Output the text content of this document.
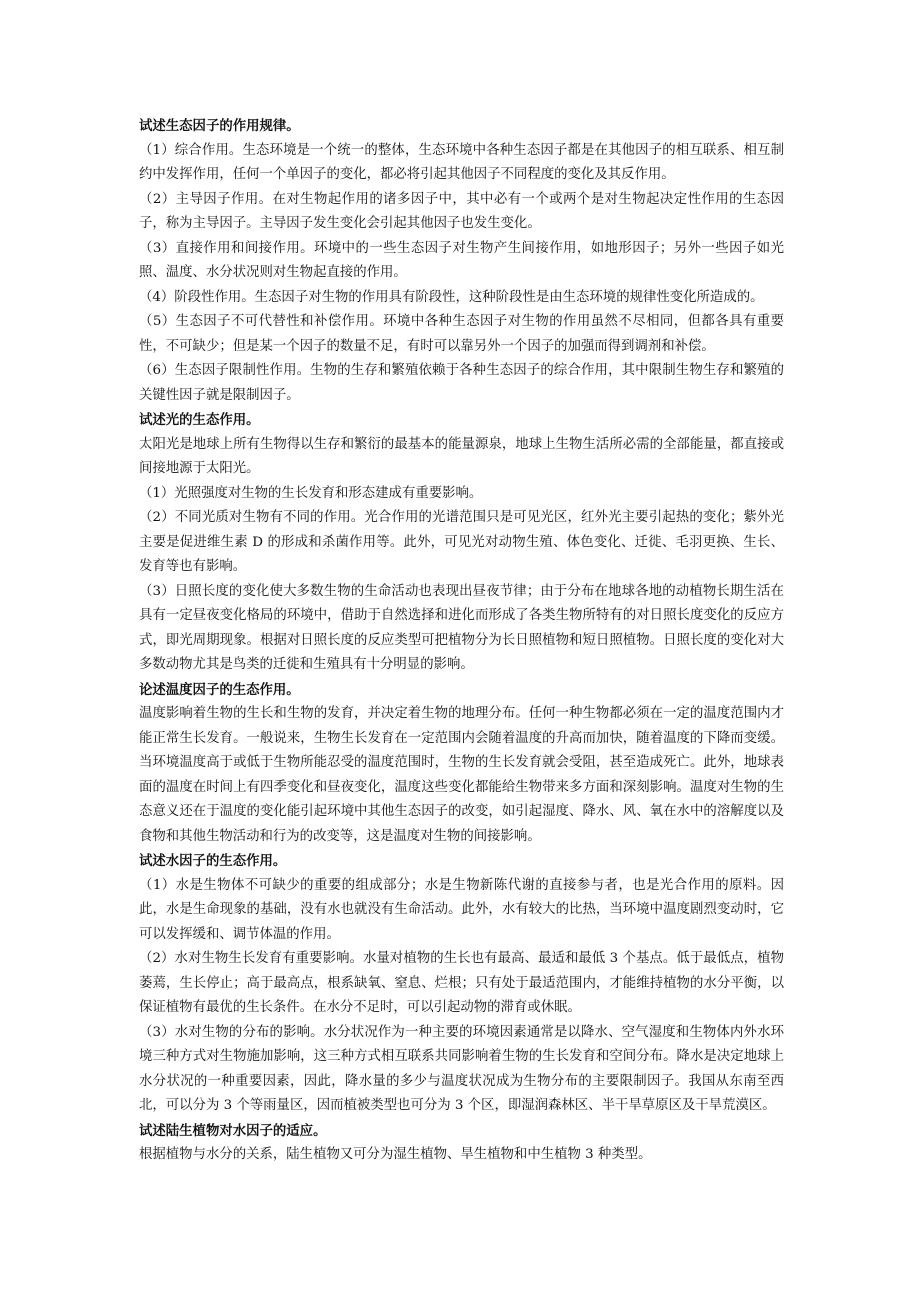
试述生态因子的作用规律。

（1）综合作用。生态环境是一个统一的整体，生态环境中各种生态因子都是在其他因子的相互联系、相互制约中发挥作用，任何一个单因子的变化，都必将引起其他因子不同程度的变化及其反作用。

（2）主导因子作用。在对生物起作用的诸多因子中，其中必有一个或两个是对生物起决定性作用的生态因子，称为主导因子。主导因子发生变化会引起其他因子也发生变化。

（3）直接作用和间接作用。环境中的一些生态因子对生物产生间接作用，如地形因子；另外一些因子如光照、温度、水分状况则对生物起直接的作用。

（4）阶段性作用。生态因子对生物的作用具有阶段性，这种阶段性是由生态环境的规律性变化所造成的。

（5）生态因子不可代替性和补偿作用。环境中各种生态因子对生物的作用虽然不尽相同，但都各具有重要性，不可缺少；但是某一个因子的数量不足，有时可以靠另外一个因子的加强而得到调剂和补偿。

（6）生态因子限制性作用。生物的生存和繁殖依赖于各种生态因子的综合作用，其中限制生物生存和繁殖的关键性因子就是限制因子。

试述光的生态作用。

太阳光是地球上所有生物得以生存和繁衍的最基本的能量源泉，地球上生物生活所必需的全部能量，都直接或间接地源于太阳光。

（1）光照强度对生物的生长发育和形态建成有重要影响。

（2）不同光质对生物有不同的作用。光合作用的光谱范围只是可见光区，红外光主要引起热的变化；紫外光主要是促进维生素 D 的形成和杀菌作用等。此外，可见光对动物生殖、体色变化、迁徙、毛羽更换、生长、发育等也有影响。

（3）日照长度的变化使大多数生物的生命活动也表现出昼夜节律；由于分布在地球各地的动植物长期生活在具有一定昼夜变化格局的环境中，借助于自然选择和进化而形成了各类生物所特有的对日照长度变化的反应方式，即光周期现象。根据对日照长度的反应类型可把植物分为长日照植物和短日照植物。日照长度的变化对大多数动物尤其是鸟类的迁徙和生殖具有十分明显的影响。

论述温度因子的生态作用。

温度影响着生物的生长和生物的发育，并决定着生物的地理分布。任何一种生物都必须在一定的温度范围内才能正常生长发育。一般说来，生物生长发育在一定范围内会随着温度的升高而加快，随着温度的下降而变缓。当环境温度高于或低于生物所能忍受的温度范围时，生物的生长发育就会受阻，甚至造成死亡。此外，地球表面的温度在时间上有四季变化和昼夜变化，温度这些变化都能给生物带来多方面和深刻影响。温度对生物的生态意义还在于温度的变化能引起环境中其他生态因子的改变，如引起湿度、降水、风、氧在水中的溶解度以及食物和其他生物活动和行为的改变等，这是温度对生物的间接影响。

试述水因子的生态作用。

（1）水是生物体不可缺少的重要的组成部分；水是生物新陈代谢的直接参与者，也是光合作用的原料。因此，水是生命现象的基础，没有水也就没有生命活动。此外，水有较大的比热，当环境中温度剧烈变动时，它可以发挥缓和、调节体温的作用。

（2）水对生物生长发育有重要影响。水量对植物的生长也有最高、最适和最低 3 个基点。低于最低点，植物萎蔫，生长停止；高于最高点，根系缺氧、窒息、烂根；只有处于最适范围内，才能维持植物的水分平衡，以保证植物有最优的生长条件。在水分不足时，可以引起动物的滞育或休眠。

（3）水对生物的分布的影响。水分状况作为一种主要的环境因素通常是以降水、空气湿度和生物体内外水环境三种方式对生物施加影响，这三种方式相互联系共同影响着生物的生长发育和空间分布。降水是决定地球上水分状况的一种重要因素，因此，降水量的多少与温度状况成为生物分布的主要限制因子。我国从东南至西北，可以分为 3 个等雨量区，因而植被类型也可分为 3 个区，即湿润森林区、半干旱草原区及干旱荒漠区。

试述陆生植物对水因子的适应。

根据植物与水分的关系，陆生植物又可分为湿生植物、旱生植物和中生植物 3 种类型。
